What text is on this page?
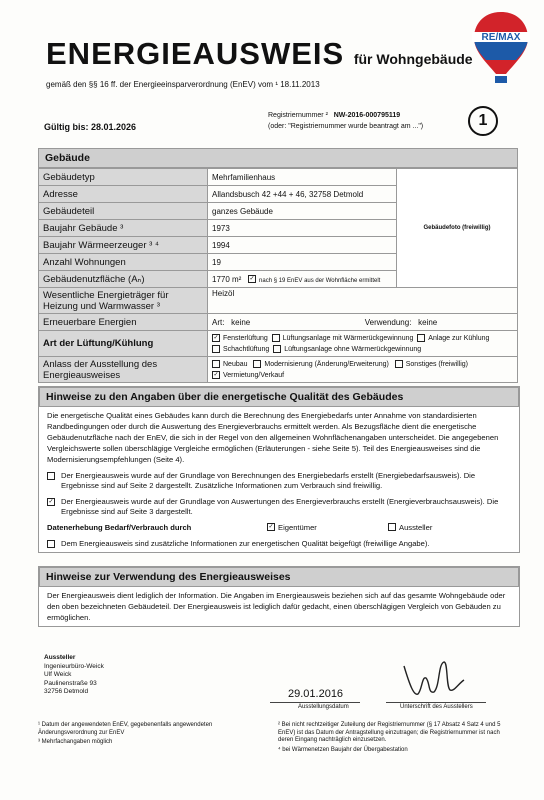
RE/MAX
ENERGIEAUSWEIS für Wohngebäude
gemäß den §§ 16 ff. der Energieeinsparverordnung (EnEV) vom ¹ 18.11.2013
Gültig bis: 28.01.2026
Registriernummer ² NW-2016-000795119
(oder: "Registriernummer wurde beantragt am ...")	1
Gebäude
Gebäudetyp	Mehrfamilienhaus	Gebäudefoto (freiwillig)
Adresse	Allandsbusch 42 +44 + 46, 32758 Detmold	
Gebäudeteil	ganzes Gebäude	
Baujahr Gebäude ³	1973	
Baujahr Wärmeerzeuger ³ ⁴	1994	
Anzahl Wohnungen	19	
Gebäudenutzfläche (Aₙ)	1770 m² ✓ nach § 19 EnEV aus der Wohnfläche ermittelt	
Wesentliche Energieträger für Heizung und Warmwasser ³	Heizöl	
Erneuerbare Energien	Art: keine Verwendung: keine	
Art der Lüftung/Kühlung	✓ Fensterlüftung Lüftungsanlage mit Wärmerückgewinnung Anlage zur Kühlung
Schachtlüftung Lüftungsanlage ohne Wärmerückgewinnung	
Anlass der Ausstellung des Energieausweises	Neubau Modernisierung (Änderung/Erweiterung) Sonstiges (freiwillig)
✓ Vermietung/Verkauf	
Hinweise zu den Angaben über die energetische Qualität des Gebäudes
Die energetische Qualität eines Gebäudes kann durch die Berechnung des Energiebedarfs unter Annahme von standardisierten Randbedingungen oder durch die Auswertung des Energieverbrauchs ermittelt werden. Als Bezugsfläche dient die energetische Gebäudenutzfläche nach der EnEV, die sich in der Regel von den allgemeinen Wohnflächenangaben unterscheidet. Die angegebenen Vergleichswerte sollen überschlägige Vergleiche ermöglichen (Erläuterungen - siehe Seite 5). Teil des Energieausweises sind die Modernisierungsempfehlungen (Seite 4).
Der Energieausweis wurde auf der Grundlage von Berechnungen des Energiebedarfs erstellt (Energiebedarfsausweis). Die Ergebnisse sind auf Seite 2 dargestellt. Zusätzliche Informationen zum Verbrauch sind freiwillig.
✓ Der Energieausweis wurde auf der Grundlage von Auswertungen des Energieverbrauchs erstellt (Energieverbrauchsausweis). Die Ergebnisse sind auf Seite 3 dargestellt.
Datenerhebung Bedarf/Verbrauch durch	✓ Eigentümer	Aussteller
Dem Energieausweis sind zusätzliche Informationen zur energetischen Qualität beigefügt (freiwillige Angabe).
Hinweise zur Verwendung des Energieausweises
Der Energieausweis dient lediglich der Information. Die Angaben im Energieausweis beziehen sich auf das gesamte Wohngebäude oder den oben bezeichneten Gebäudeteil. Der Energieausweis ist lediglich dafür gedacht, einen überschlägigen Vergleich von Gebäuden zu ermöglichen.
Aussteller
Ingenieurbüro-Weick
Ulf Weick
Paulinenstraße 93
32756 Detmold	29.01.2016
Ausstellungsdatum	Unterschrift des Ausstellers
¹ Datum der angewendeten EnEV, gegebenenfalls angewendeten Änderungsverordnung zur EnEV
³ Mehrfachangaben möglich
² Bei nicht rechtzeitiger Zuteilung der Registriernummer (§ 17 Absatz 4 Satz 4 und 5 EnEV) ist das Datum der Antragstellung einzutragen; die Registriernummer ist nach deren Eingang nachträglich einzusetzen.
⁴ bei Wärmenetzen Baujahr der Übergabestation
